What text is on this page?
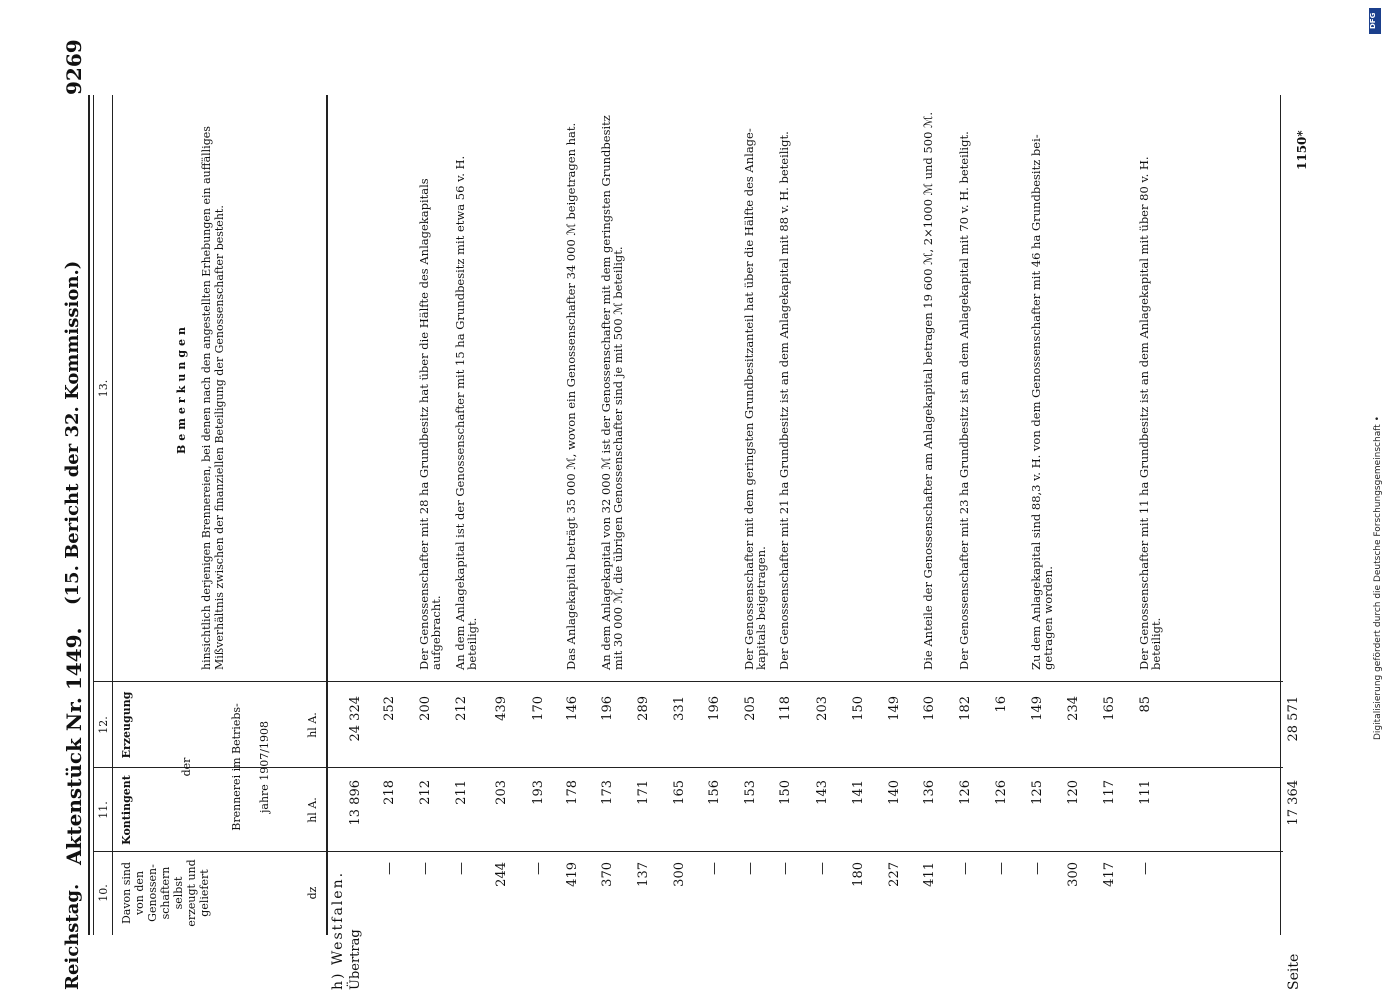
Reichstag.
Aktenstück Nr. 1449.
(15. Bericht der 32. Kommission.)
9269
10.
11.
12.
13.
Davon sind von den Genossen-schaftern selbst erzeugt und geliefert
Kontingent
Erzeugung
der	Brennerei im Betriebs- jahre 1907/1908
Bemerkungen hinsichtlich derjenigen Brennereien, bei denen nach den angestellten Erhebungen ein auffälliges Mißverhältnis zwischen der finanziellen Beteiligung der Genossenschafter besteht.
dz
hl A.
hl A.
h) Westfalen. Übertrag
13 896
24 324
—
218
252
—
212
200
Der Genossenschafter mit 28 ha Grundbesitz hat über die Hälfte des Anlagekapitals aufgebracht.
—
211
212
An dem Anlagekapital ist der Genossenschafter mit 15 ha Grundbesitz mit etwa 56 v. H. beteiligt.
244
203
439
—
193
170
419
178
146
Das Anlagekapital beträgt 35 000 ℳ, wovon ein Genossenschafter 34 000 ℳ beigetragen hat.
370
173
196
An dem Anlagekapital von 32 000 ℳ ist der Genossenschafter mit dem geringsten Grundbesitz mit 30 000 ℳ, die übrigen Genossenschafter sind je mit 500 ℳ beteiligt.
137
171
289
300
165
331
—
156
196
—
153
205
Der Genossenschafter mit dem geringsten Grundbesitzanteil hat über die Hälfte des Anlage-kapitals beigetragen.
—
150
118
Der Genossenschafter mit 21 ha Grundbesitz ist an dem Anlagekapital mit 88 v. H. beteiligt.
—
143
203
180
141
150
227
140
149
411
136
160
Die Anteile der Genossenschafter am Anlagekapital betragen 19 600 ℳ, 2×1000 ℳ und 500 ℳ.
—
126
182
Der Genossenschafter mit 23 ha Grundbesitz ist an dem Anlagekapital mit 70 v. H. beteiligt.
—
126
16
—
125
149
Zu dem Anlagekapital sind 88,3 v. H. von dem Genossenschafter mit 46 ha Grundbesitz bei-getragen worden.
300
120
234
417
117
165
—
111
85
Der Genossenschafter mit 11 ha Grundbesitz ist an dem Anlagekapital mit über 80 v. H. beteiligt.
Seite
17 364
28 571
1150*
DFG
Digitalisierung gefördert durch die Deutsche Forschungsgemeinschaft •
